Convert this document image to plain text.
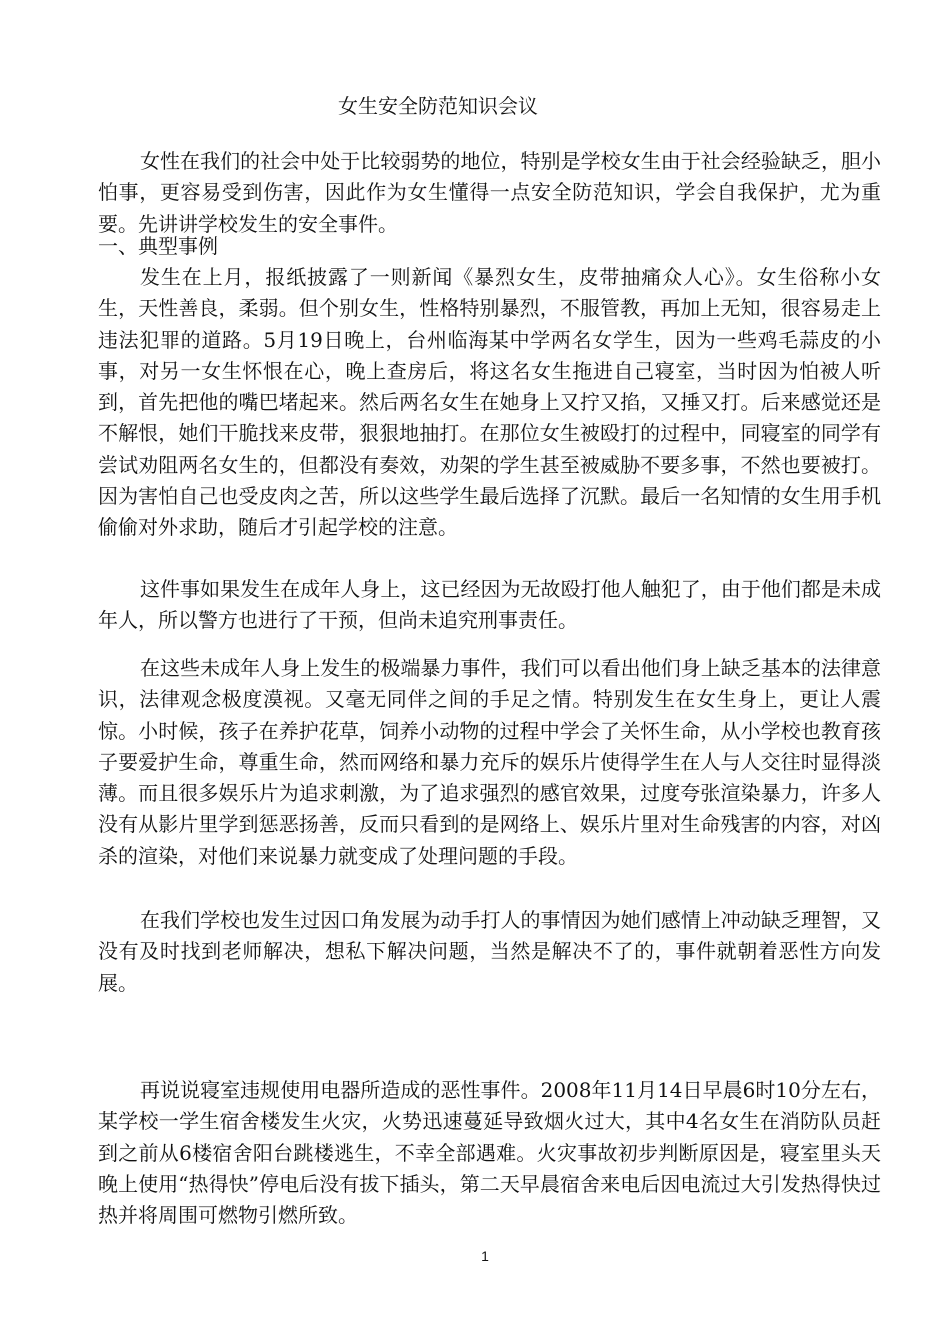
女生安全防范知识会议

女性在我们的社会中处于比较弱势的地位，特别是学校女生由于社会经验缺乏，胆小怕事，更容易受到伤害，因此作为女生懂得一点安全防范知识，学会自我保护，尤为重要。先讲讲学校发生的安全事件。

一、典型事例

发生在上月，报纸披露了一则新闻《暴烈女生，皮带抽痛众人心》。女生俗称小女生，天性善良，柔弱。但个别女生，性格特别暴烈，不服管教，再加上无知，很容易走上违法犯罪的道路。5月19日晚上，台州临海某中学两名女学生，因为一些鸡毛蒜皮的小事，对另一女生怀恨在心，晚上查房后，将这名女生拖进自己寝室，当时因为怕被人听到，首先把他的嘴巴堵起来。然后两名女生在她身上又拧又掐，又捶又打。后来感觉还是不解恨，她们干脆找来皮带，狠狠地抽打。在那位女生被殴打的过程中，同寝室的同学有尝试劝阻两名女生的，但都没有奏效，劝架的学生甚至被威胁不要多事，不然也要被打。因为害怕自己也受皮肉之苦，所以这些学生最后选择了沉默。最后一名知情的女生用手机偷偷对外求助，随后才引起学校的注意。

这件事如果发生在成年人身上，这已经因为无故殴打他人触犯了，由于他们都是未成年人，所以警方也进行了干预，但尚未追究刑事责任。

在这些未成年人身上发生的极端暴力事件，我们可以看出他们身上缺乏基本的法律意识，法律观念极度漠视。又毫无同伴之间的手足之情。特别发生在女生身上，更让人震惊。小时候，孩子在养护花草，饲养小动物的过程中学会了关怀生命，从小学校也教育孩子要爱护生命，尊重生命，然而网络和暴力充斥的娱乐片使得学生在人与人交往时显得淡薄。而且很多娱乐片为追求刺激，为了追求强烈的感官效果，过度夸张渲染暴力，许多人没有从影片里学到惩恶扬善，反而只看到的是网络上、娱乐片里对生命残害的内容，对凶杀的渲染，对他们来说暴力就变成了处理问题的手段。

在我们学校也发生过因口角发展为动手打人的事情因为她们感情上冲动缺乏理智，又没有及时找到老师解决，想私下解决问题，当然是解决不了的，事件就朝着恶性方向发展。

再说说寝室违规使用电器所造成的恶性事件。2008年11月14日早晨6时10分左右，某学校一学生宿舍楼发生火灾，火势迅速蔓延导致烟火过大，其中4名女生在消防队员赶到之前从6楼宿舍阳台跳楼逃生，不幸全部遇难。火灾事故初步判断原因是，寝室里头天晚上使用“热得快”停电后没有拔下插头，第二天早晨宿舍来电后因电流过大引发热得快过热并将周围可燃物引燃所致。

1
